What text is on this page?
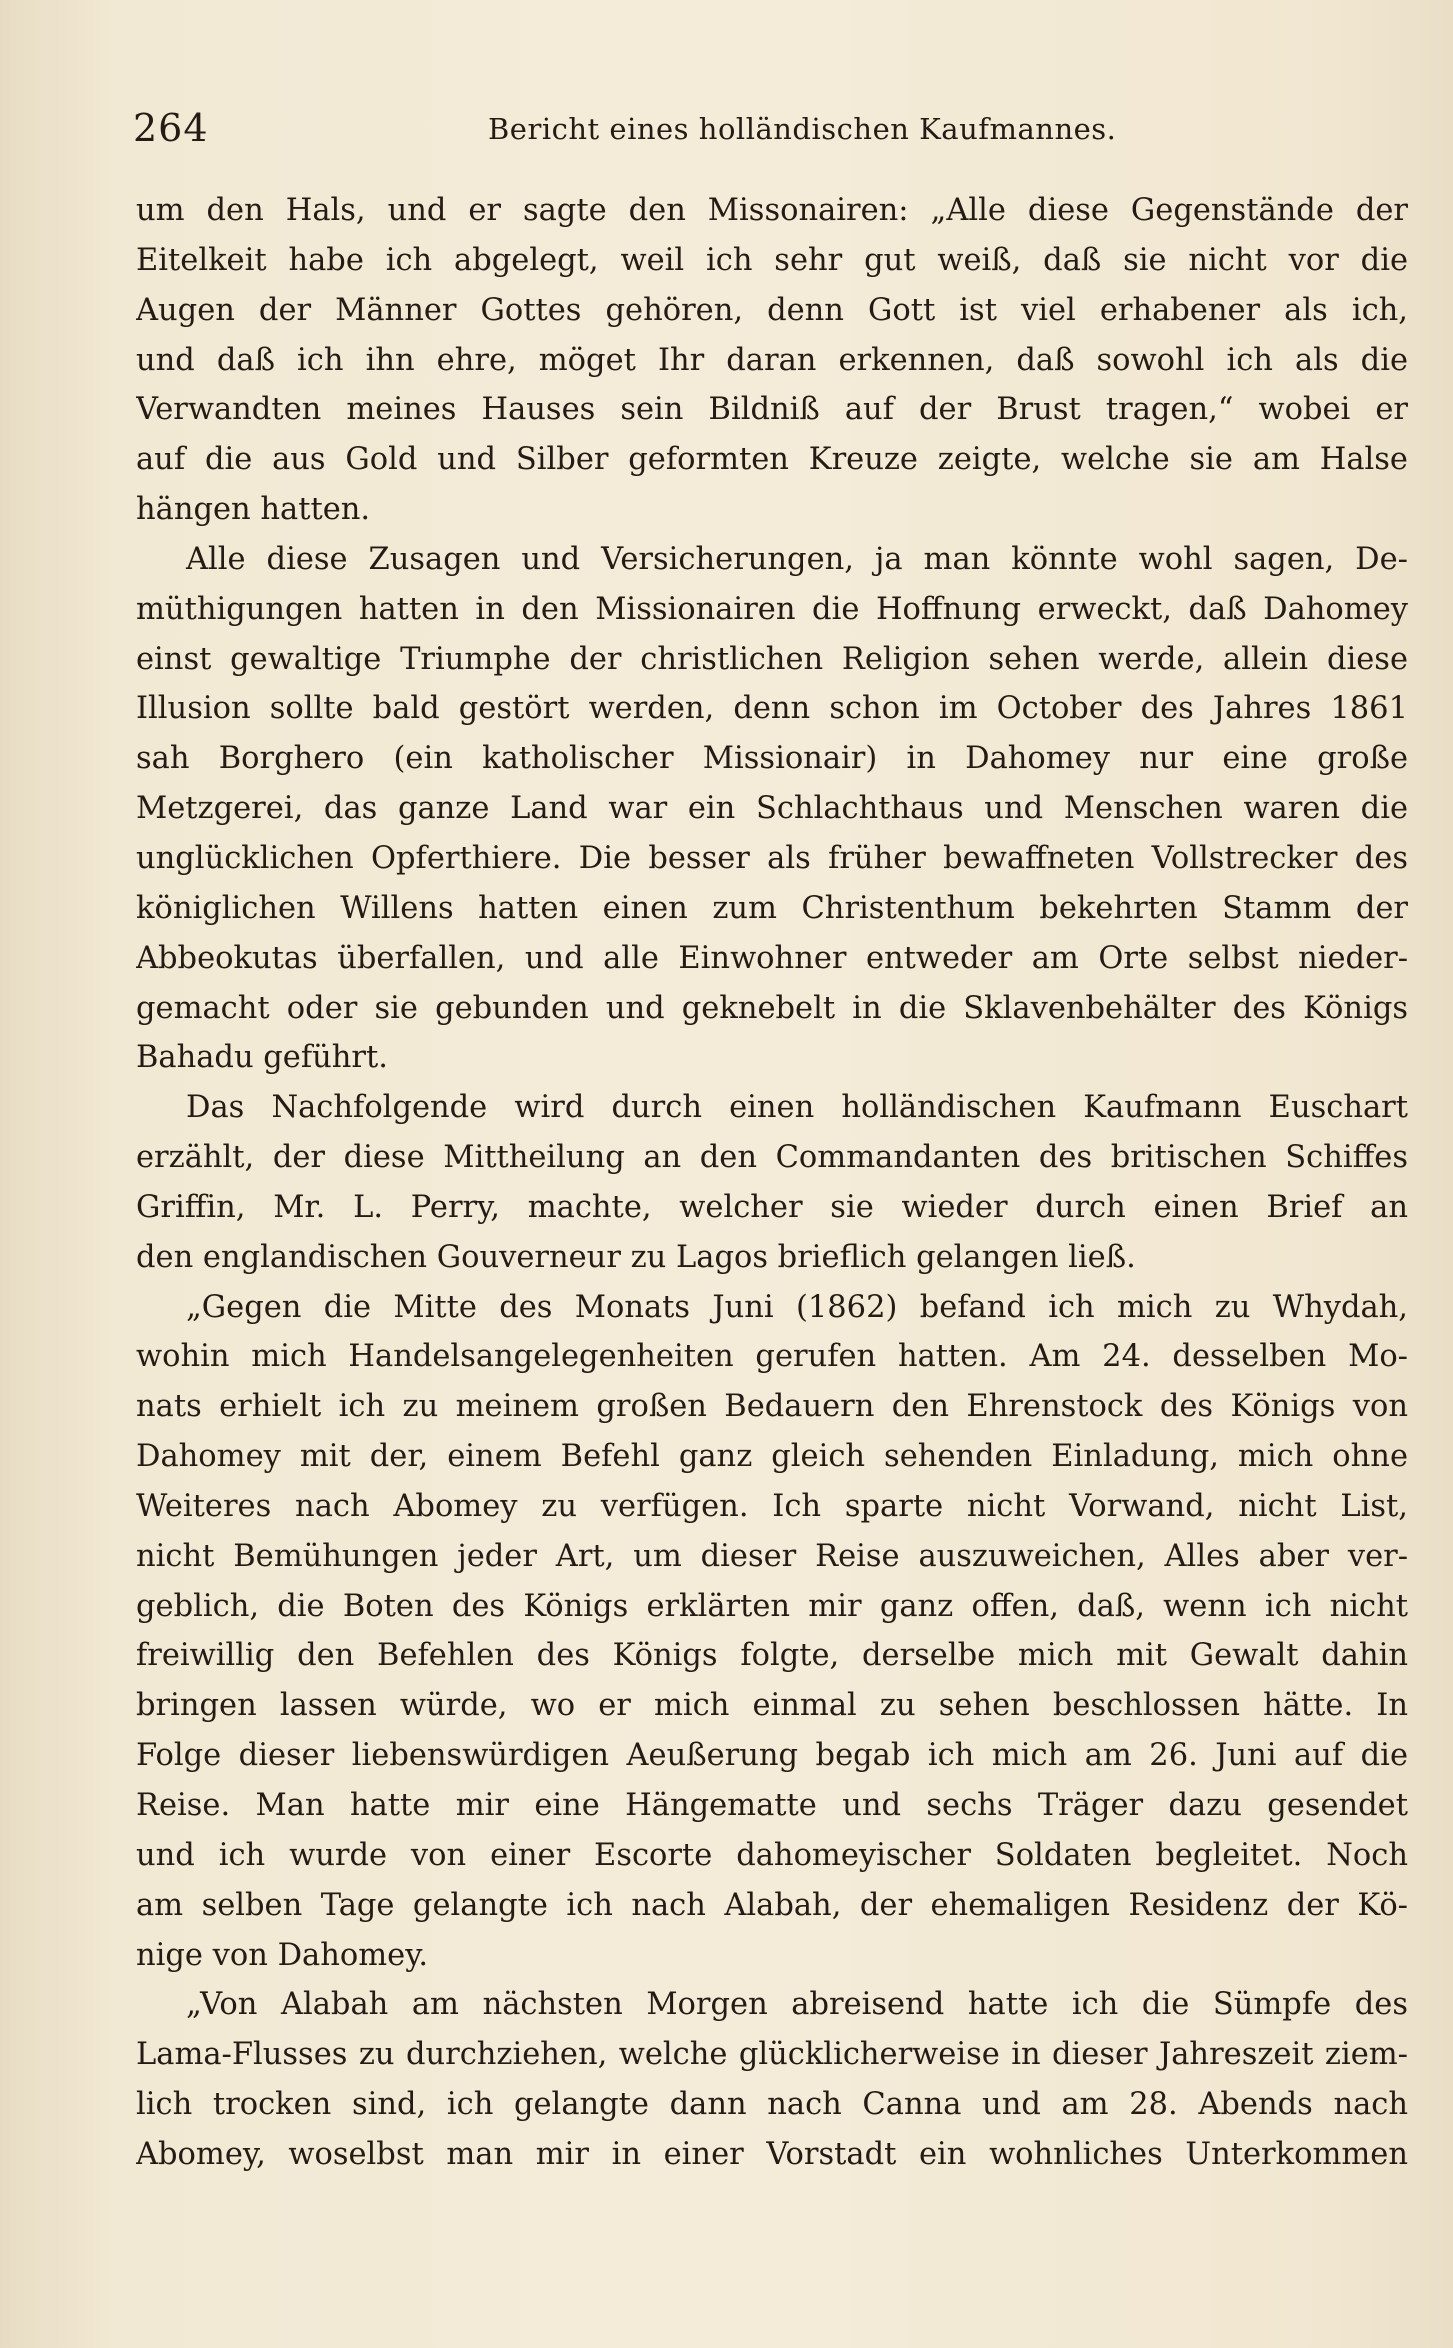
264	Bericht eines holländischen Kaufmannes.
um den Hals, und er sagte den Missonairen: „Alle diese Gegenstände der
Eitelkeit habe ich abgelegt, weil ich sehr gut weiß, daß sie nicht vor die
Augen der Männer Gottes gehören, denn Gott ist viel erhabener als ich,
und daß ich ihn ehre, möget Ihr daran erkennen, daß sowohl ich als die
Verwandten meines Hauses sein Bildniß auf der Brust tragen,“ wobei er
auf die aus Gold und Silber geformten Kreuze zeigte, welche sie am Halse
hängen hatten.
Alle diese Zusagen und Versicherungen, ja man könnte wohl sagen, De-
müthigungen hatten in den Missionairen die Hoffnung erweckt, daß Dahomey
einst gewaltige Triumphe der christlichen Religion sehen werde, allein diese
Illusion sollte bald gestört werden, denn schon im October des Jahres 1861
sah Borghero (ein katholischer Missionair) in Dahomey nur eine große
Metzgerei, das ganze Land war ein Schlachthaus und Menschen waren die
unglücklichen Opferthiere. Die besser als früher bewaffneten Vollstrecker des
königlichen Willens hatten einen zum Christenthum bekehrten Stamm der
Abbeokutas überfallen, und alle Einwohner entweder am Orte selbst nieder-
gemacht oder sie gebunden und geknebelt in die Sklavenbehälter des Königs
Bahadu geführt.
Das Nachfolgende wird durch einen holländischen Kaufmann Euschart
erzählt, der diese Mittheilung an den Commandanten des britischen Schiffes
Griffin, Mr. L. Perry, machte, welcher sie wieder durch einen Brief an
den englandischen Gouverneur zu Lagos brieflich gelangen ließ.
„Gegen die Mitte des Monats Juni (1862) befand ich mich zu Whydah,
wohin mich Handelsangelegenheiten gerufen hatten. Am 24. desselben Mo-
nats erhielt ich zu meinem großen Bedauern den Ehrenstock des Königs von
Dahomey mit der, einem Befehl ganz gleich sehenden Einladung, mich ohne
Weiteres nach Abomey zu verfügen. Ich sparte nicht Vorwand, nicht List,
nicht Bemühungen jeder Art, um dieser Reise auszuweichen, Alles aber ver-
geblich, die Boten des Königs erklärten mir ganz offen, daß, wenn ich nicht
freiwillig den Befehlen des Königs folgte, derselbe mich mit Gewalt dahin
bringen lassen würde, wo er mich einmal zu sehen beschlossen hätte. In
Folge dieser liebenswürdigen Aeußerung begab ich mich am 26. Juni auf die
Reise. Man hatte mir eine Hängematte und sechs Träger dazu gesendet
und ich wurde von einer Escorte dahomeyischer Soldaten begleitet. Noch
am selben Tage gelangte ich nach Alabah, der ehemaligen Residenz der Kö-
nige von Dahomey.
„Von Alabah am nächsten Morgen abreisend hatte ich die Sümpfe des
Lama-Flusses zu durchziehen, welche glücklicherweise in dieser Jahreszeit ziem-
lich trocken sind, ich gelangte dann nach Canna und am 28. Abends nach
Abomey, woselbst man mir in einer Vorstadt ein wohnliches Unterkommen
